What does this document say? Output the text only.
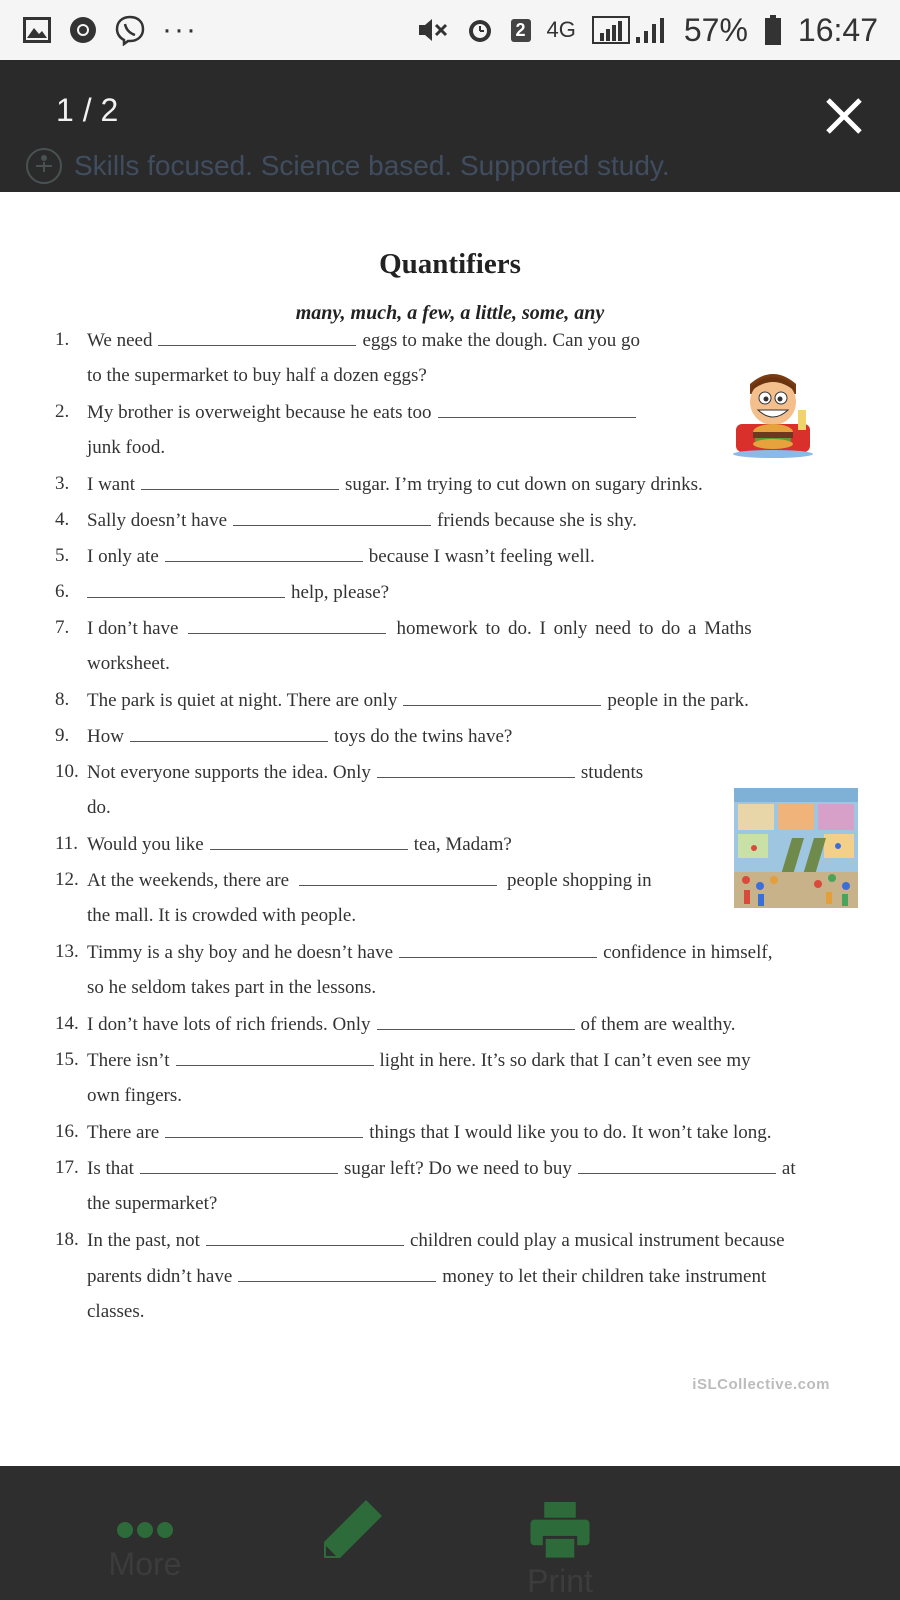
···	2 4G	57% 16:47
Skills focused. Science based. Supported study.
1 / 2
Quantifiers
many, much, a few, a little, some, any
1. We need	eggs to make the dough. Can you go
to the supermarket to buy half a dozen eggs?
2. My brother is overweight because he eats too
junk food.
3. I want	sugar. I’m trying to cut down on sugary drinks.
4. Sally doesn’t have	friends because she is shy.
5. I only ate	because I wasn’t feeling well.
6.	help, please?
7. I don’t have	homework to do. I only need to do a Maths
worksheet.
8. The park is quiet at night. There are only	people in the park.
9. How	toys do the twins have?
10. Not everyone supports the idea. Only	students
do.
11. Would you like	tea, Madam?
12. At the weekends, there are	people shopping in
the mall. It is crowded with people.
13. Timmy is a shy boy and he doesn’t have	confidence in himself,
so he seldom takes part in the lessons.
14. I don’t have lots of rich friends. Only	of them are wealthy.
15. There isn’t	light in here. It’s so dark that I can’t even see my
own fingers.
16. There are	things that I would like you to do. It won’t take long.
17. Is that	sugar left? Do we need to buy	at
the supermarket?
18. In the past, not	children could play a musical instrument because
parents didn’t have	money to let their children take instrument
classes.
iSLCollective.com
More	Print
